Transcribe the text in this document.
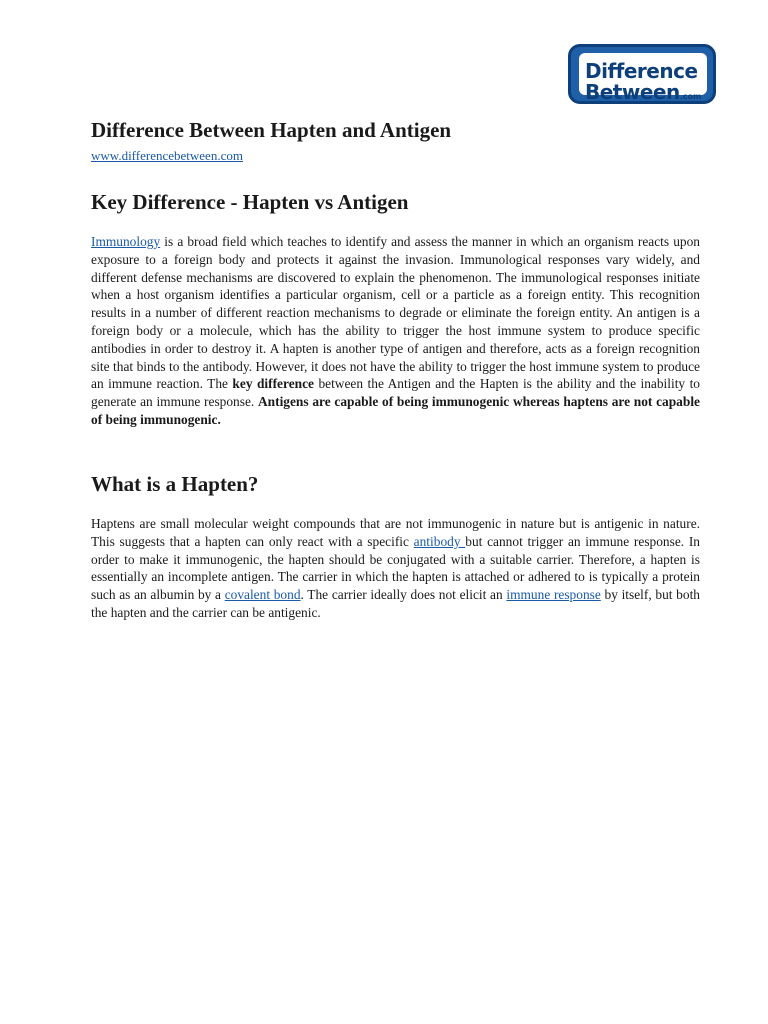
Difference
Between.com
Difference Between Hapten and Antigen
www.differencebetween.com
Key Difference - Hapten vs Antigen

Immunology is a broad field which teaches to identify and assess the manner in which an organism reacts upon exposure to a foreign body and protects it against the invasion. Immunological responses vary widely, and different defense mechanisms are discovered to explain the phenomenon. The immunological responses initiate when a host organism identifies a particular organism, cell or a particle as a foreign entity. This recognition results in a number of different reaction mechanisms to degrade or eliminate the foreign entity. An antigen is a foreign body or a molecule, which has the ability to trigger the host immune system to produce specific antibodies in order to destroy it. A hapten is another type of antigen and therefore, acts as a foreign recognition site that binds to the antibody. However, it does not have the ability to trigger the host immune system to produce an immune reaction. The key difference between the Antigen and the Hapten is the ability and the inability to generate an immune response. Antigens are capable of being immunogenic whereas haptens are not capable of being immunogenic.

What is a Hapten?

Haptens are small molecular weight compounds that are not immunogenic in nature but is antigenic in nature. This suggests that a hapten can only react with a specific antibody but cannot trigger an immune response. In order to make it immunogenic, the hapten should be conjugated with a suitable carrier. Therefore, a hapten is essentially an incomplete antigen. The carrier in which the hapten is attached or adhered to is typically a protein such as an albumin by a covalent bond. The carrier ideally does not elicit an immune response by itself, but both the hapten and the carrier can be antigenic.
